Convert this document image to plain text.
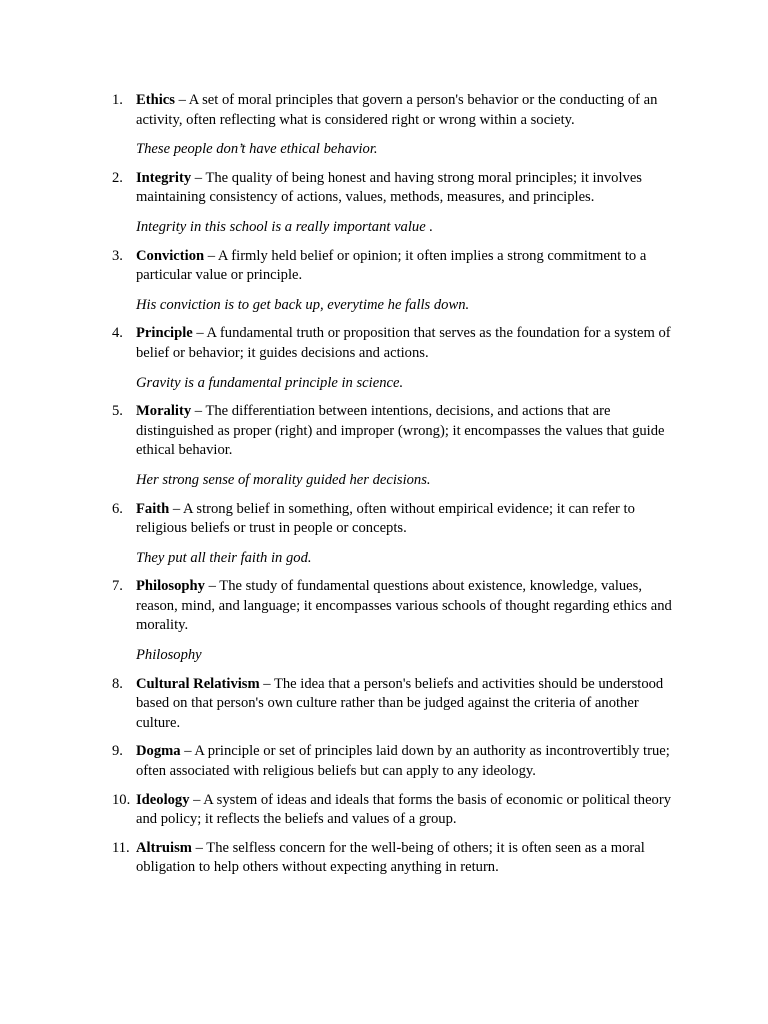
1. Ethics – A set of moral principles that govern a person's behavior or the conducting of an activity, often reflecting what is considered right or wrong within a society.

These people don’t have ethical behavior.

2. Integrity – The quality of being honest and having strong moral principles; it involves maintaining consistency of actions, values, methods, measures, and principles.

Integrity in this school is a really important value .

3. Conviction – A firmly held belief or opinion; it often implies a strong commitment to a particular value or principle.

His conviction is to get back up, everytime he falls down.

4. Principle – A fundamental truth or proposition that serves as the foundation for a system of belief or behavior; it guides decisions and actions.

Gravity is a fundamental principle in science.

5. Morality – The differentiation between intentions, decisions, and actions that are distinguished as proper (right) and improper (wrong); it encompasses the values that guide ethical behavior.

Her strong sense of morality guided her decisions.

6. Faith – A strong belief in something, often without empirical evidence; it can refer to religious beliefs or trust in people or concepts.

They put all their faith in god.

7. Philosophy – The study of fundamental questions about existence, knowledge, values, reason, mind, and language; it encompasses various schools of thought regarding ethics and morality.

Philosophy

8. Cultural Relativism – The idea that a person's beliefs and activities should be understood based on that person's own culture rather than be judged against the criteria of another culture.

9. Dogma – A principle or set of principles laid down by an authority as incontrovertibly true; often associated with religious beliefs but can apply to any ideology.

10. Ideology – A system of ideas and ideals that forms the basis of economic or political theory and policy; it reflects the beliefs and values of a group.

11. Altruism – The selfless concern for the well-being of others; it is often seen as a moral obligation to help others without expecting anything in return.
